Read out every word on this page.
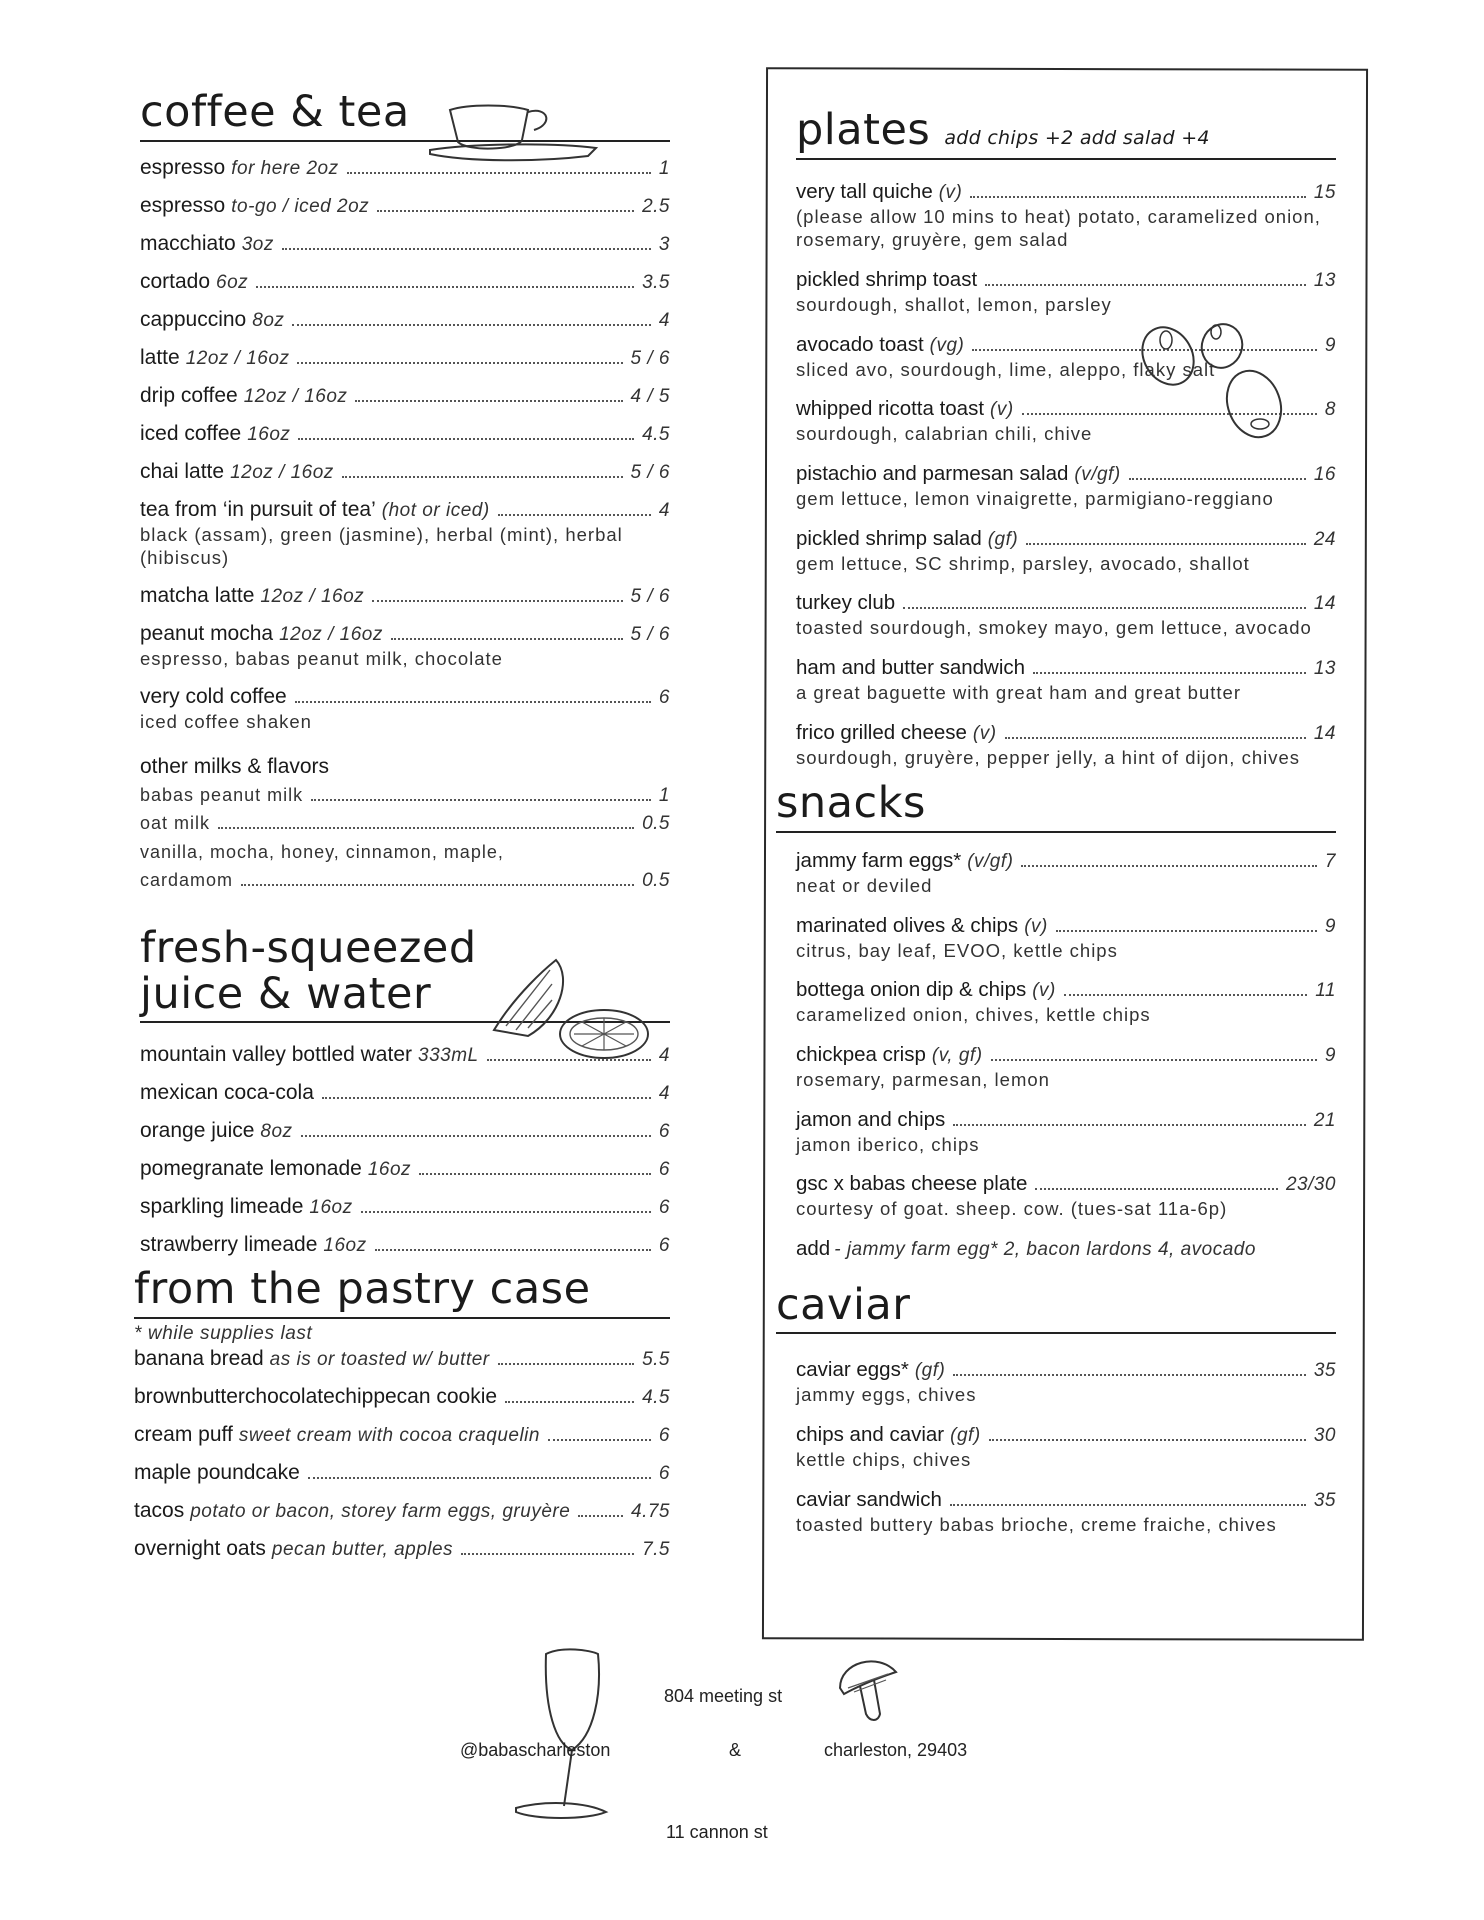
coffee & tea
espresso for here 2oz	1
espresso to-go / iced 2oz	2.5
macchiato 3oz	3
cortado 6oz	3.5
cappuccino 8oz	4
latte 12oz / 16oz	5 / 6
drip coffee 12oz / 16oz	4 / 5
iced coffee 16oz	4.5
chai latte 12oz / 16oz	5 / 6
tea from ‘in pursuit of tea’ (hot or iced)	4
black (assam), green (jasmine), herbal (mint), herbal (hibiscus)
matcha latte 12oz / 16oz	5 / 6
peanut mocha 12oz / 16oz	5 / 6
espresso, babas peanut milk, chocolate
very cold coffee	6
iced coffee shaken
other milks & flavors
babas peanut milk	1
oat milk	0.5
vanilla, mocha, honey, cinnamon, maple,
cardamom	0.5
fresh-squeezed
juice & water
mountain valley bottled water 333mL	4
mexican coca-cola	4
orange juice 8oz	6
pomegranate lemonade 16oz	6
sparkling limeade 16oz	6
strawberry limeade 16oz	6
from the pastry case
* while supplies last
banana bread as is or toasted w/ butter	5.5
brownbutterchocolatechippecan cookie	4.5
cream puff sweet cream with cocoa craquelin	6
maple poundcake	6
tacos potato or bacon, storey farm eggs, gruyère	4.75
overnight oats pecan butter, apples	7.5
plates add chips +2 add salad +4
very tall quiche (v)	15
(please allow 10 mins to heat) potato, caramelized onion, rosemary, gruyère, gem salad
pickled shrimp toast	13
sourdough, shallot, lemon, parsley
avocado toast (vg)	9
sliced avo, sourdough, lime, aleppo, flaky salt
whipped ricotta toast (v)	8
sourdough, calabrian chili, chive
pistachio and parmesan salad (v/gf)	16
gem lettuce, lemon vinaigrette, parmigiano-reggiano
pickled shrimp salad (gf)	24
gem lettuce, SC shrimp, parsley, avocado, shallot
turkey club	14
toasted sourdough, smokey mayo, gem lettuce, avocado
ham and butter sandwich	13
a great baguette with great ham and great butter
frico grilled cheese (v)	14
sourdough, gruyère, pepper jelly, a hint of dijon, chives
snacks
jammy farm eggs* (v/gf)	7
neat or deviled
marinated olives & chips (v)	9
citrus, bay leaf, EVOO, kettle chips
bottega onion dip & chips (v)	11
caramelized onion, chives, kettle chips
chickpea crisp (v, gf)	9
rosemary, parmesan, lemon
jamon and chips	21
jamon iberico, chips
gsc x babas cheese plate	23/30
courtesy of goat. sheep. cow. (tues-sat 11a-6p)
add - jammy farm egg* 2, bacon lardons 4, avocado
caviar
caviar eggs* (gf)	35
jammy eggs, chives
chips and caviar (gf)	30
kettle chips, chives
caviar sandwich	35
toasted buttery babas brioche, creme fraiche, chives
804 meeting st
@babascharleston	&	charleston, 29403
11 cannon st
